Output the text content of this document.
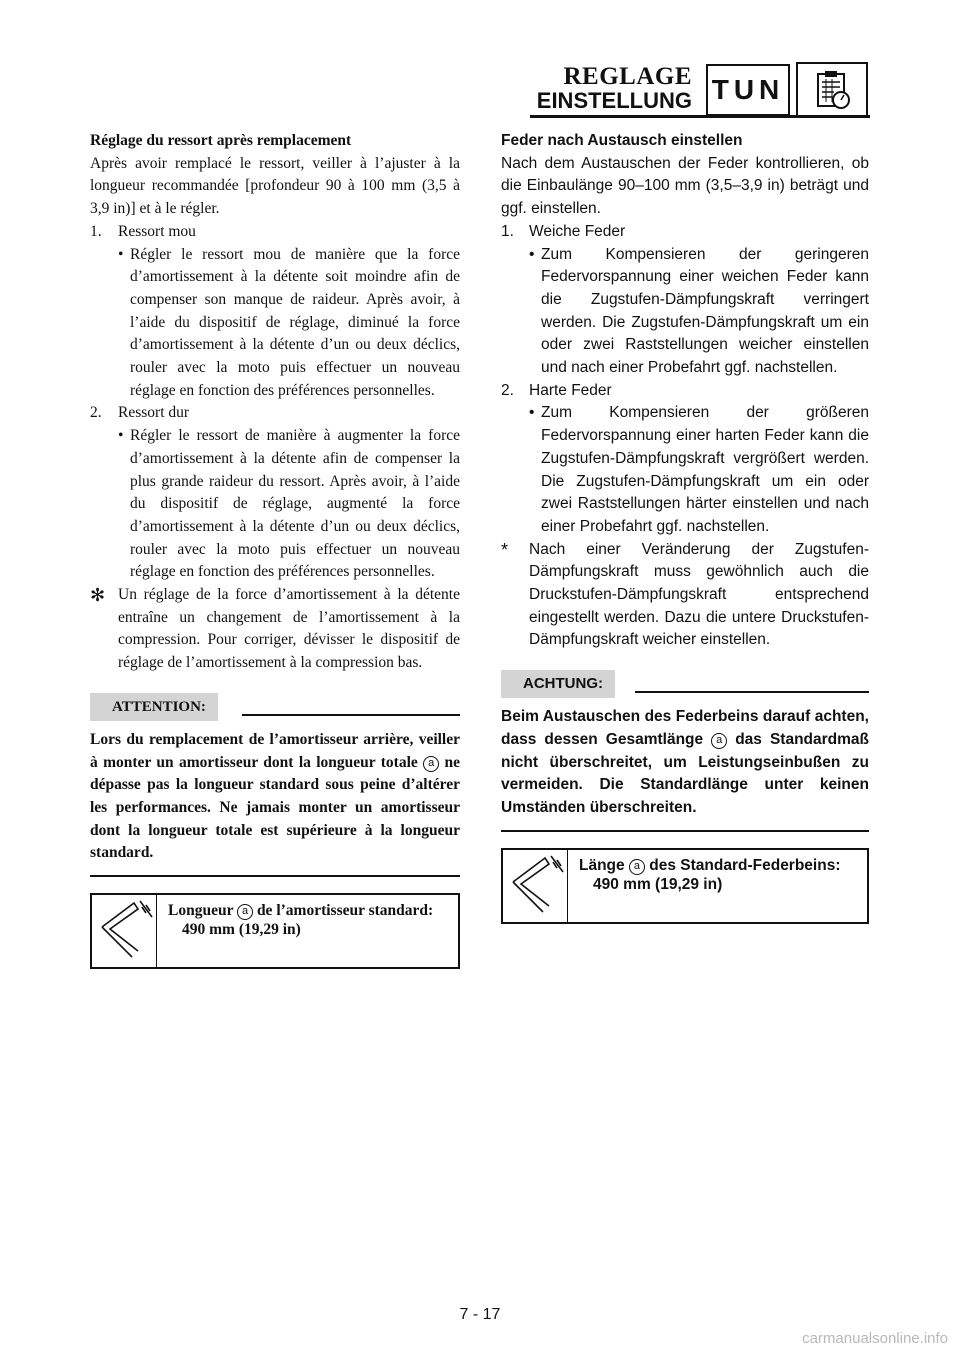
REGLAGE
EINSTELLUNG TUN

Réglage du ressort après remplacement

Après avoir remplacé le ressort, veiller à l’ajuster à la longueur recommandée [profondeur 90 à 100 mm (3,5 à 3,9 in)] et à le régler.

1.	Ressort mou
• Régler le ressort mou de manière que la force d’amortissement à la détente soit moindre afin de compenser son manque de raideur. Après avoir, à l’aide du dispositif de réglage, diminué la force d’amortissement à la détente d’un ou deux déclics, rouler avec la moto puis effectuer un nouveau réglage en fonction des préférences personnelles.
2.	Ressort dur
• Régler le ressort de manière à augmenter la force d’amortissement à la détente afin de compenser la plus grande raideur du ressort. Après avoir, à l’aide du dispositif de réglage, augmenté la force d’amortissement à la détente d’un ou deux déclics, rouler avec la moto puis effectuer un nouveau réglage en fonction des préférences personnelles.
✻ Un réglage de la force d’amortissement à la détente entraîne un changement de l’amortissement à la compression. Pour corriger, dévisser le dispositif de réglage de l’amortissement à la compression bas.
ATTENTION:

Lors du remplacement de l’amortisseur arrière, veiller à monter un amortisseur dont la longueur totale a ne dépasse pas la longueur standard sous peine d’altérer les performances. Ne jamais monter un amortisseur dont la longueur totale est supérieure à la longueur standard.

Longueur a de l’amortisseur standard:
490 mm (19,29 in)

Feder nach Austausch einstellen

Nach dem Austauschen der Feder kontrollieren, ob die Einbaulänge 90–100 mm (3,5–3,9 in) beträgt und ggf. einstellen.

1. Weiche Feder
• Zum Kompensieren der geringeren Federvorspannung einer weichen Feder kann die Zugstufen-Dämpfungskraft verringert werden. Die Zugstufen-Dämpfungskraft um ein oder zwei Raststellungen weicher einstellen und nach einer Probefahrt ggf. nachstellen.
2. Harte Feder
• Zum Kompensieren der größeren Federvorspannung einer harten Feder kann die Zugstufen-Dämpfungskraft vergrößert werden. Die Zugstufen-Dämpfungskraft um ein oder zwei Raststellungen härter einstellen und nach einer Probefahrt ggf. nachstellen.
*	Nach einer Veränderung der Zugstufen-Dämpfungskraft muss gewöhnlich auch die Druckstufen-Dämpfungskraft entsprechend eingestellt werden. Dazu die untere Druckstufen-Dämpfungskraft weicher einstellen.
ACHTUNG:

Beim Austauschen des Federbeins darauf achten, dass dessen Gesamtlänge a das Standardmaß nicht überschreitet, um Leistungseinbußen zu vermeiden. Die Standardlänge unter keinen Umständen überschreiten.

Länge a des Standard-Federbeins:
490 mm (19,29 in)
7 - 17
carmanualsonline.info
